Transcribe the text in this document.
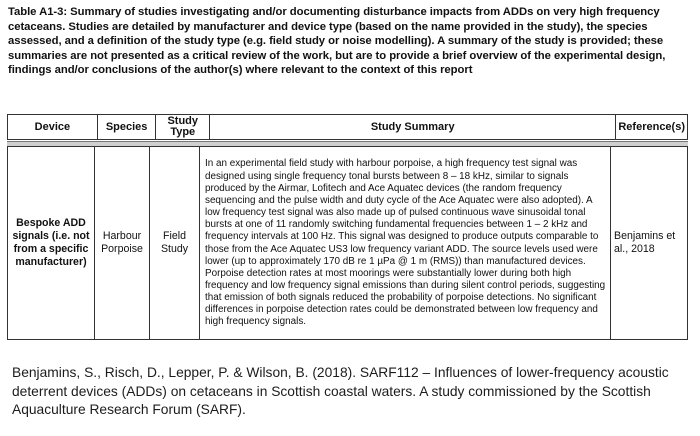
Table A1-3: Summary of studies investigating and/or documenting disturbance impacts from ADDs on very high frequency cetaceans. Studies are detailed by manufacturer and device type (based on the name provided in the study), the species assessed, and a definition of the study type (e.g. field study or noise modelling). A summary of the study is provided; these summaries are not presented as a critical review of the work, but are to provide a brief overview of the experimental design, findings and/or conclusions of the author(s) where relevant to the context of this report
Device	Species	Study Type	Study Summary	Reference(s)
Bespoke ADD signals (i.e. not from a specific manufacturer)	Harbour Porpoise	Field Study	In an experimental field study with harbour porpoise, a high frequency test signal was designed using single frequency tonal bursts between 8 – 18 kHz, similar to signals produced by the Airmar, Lofitech and Ace Aquatec devices (the random frequency sequencing and the pulse width and duty cycle of the Ace Aquatec were also adopted). A low frequency test signal was also made up of pulsed continuous wave sinusoidal tonal bursts at one of 11 randomly switching fundamental frequencies between 1 – 2 kHz and frequency intervals at 100 Hz. This signal was designed to produce outputs comparable to those from the Ace Aquatec US3 low frequency variant ADD. The source levels used were lower (up to approximately 170 dB re 1 µPa @ 1 m (RMS)) than manufactured devices. Porpoise detection rates at most moorings were substantially lower during both high frequency and low frequency signal emissions than during silent control periods, suggesting that emission of both signals reduced the probability of porpoise detections. No significant differences in porpoise detection rates could be demonstrated between low frequency and high frequency signals.	Benjamins et al., 2018
Benjamins, S., Risch, D., Lepper, P. & Wilson, B. (2018). SARF112 – Influences of lower-frequency acoustic deterrent devices (ADDs) on cetaceans in Scottish coastal waters. A study commissioned by the Scottish Aquaculture Research Forum (SARF).
